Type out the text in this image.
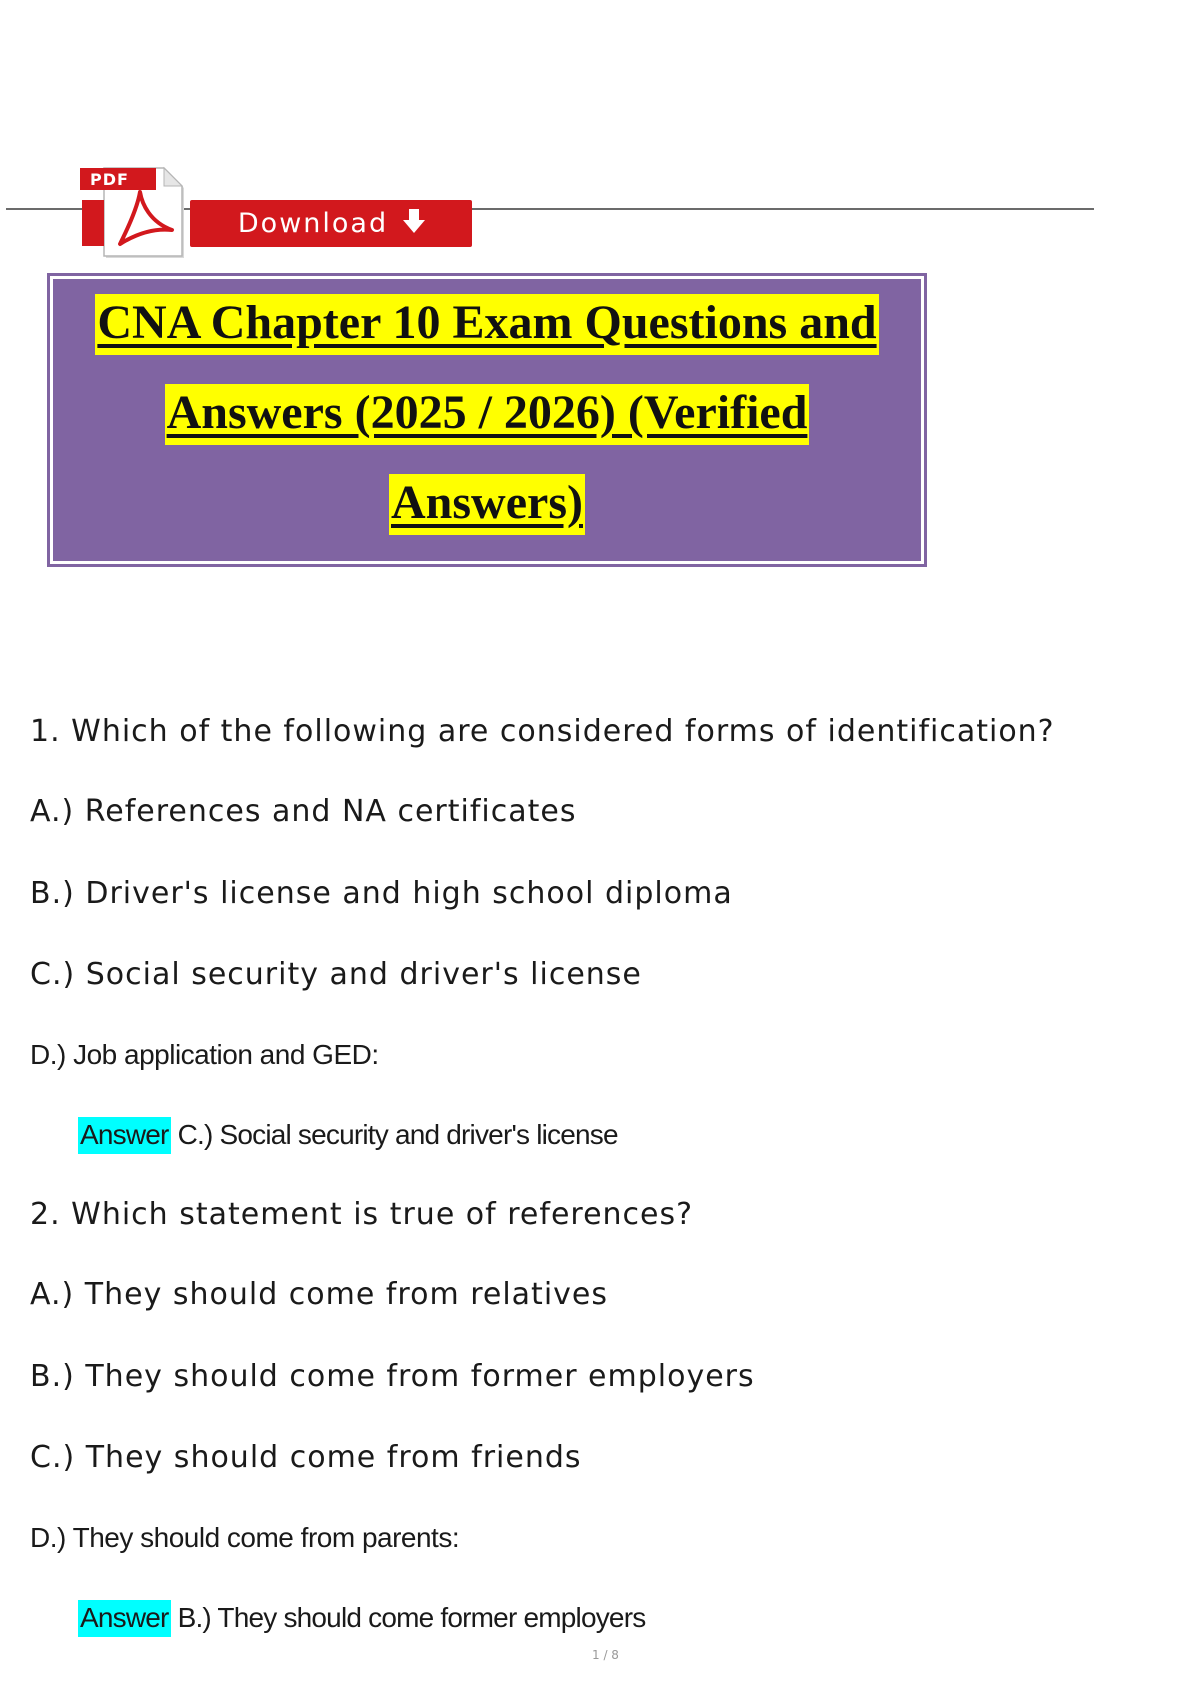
PDF
Download
CNA Chapter 10 Exam Questions and
Answers (2025 / 2026) (Verified
Answers)
1. Which of the following are considered forms of identification?
A.) References and NA certificates
B.) Driver's license and high school diploma
C.) Social security and driver's license
D.) Job application and GED:
Answer C.) Social security and driver's license
2. Which statement is true of references?
A.) They should come from relatives
B.) They should come from former employers
C.) They should come from friends
D.) They should come from parents:
Answer B.) They should come former employers
1 / 8
